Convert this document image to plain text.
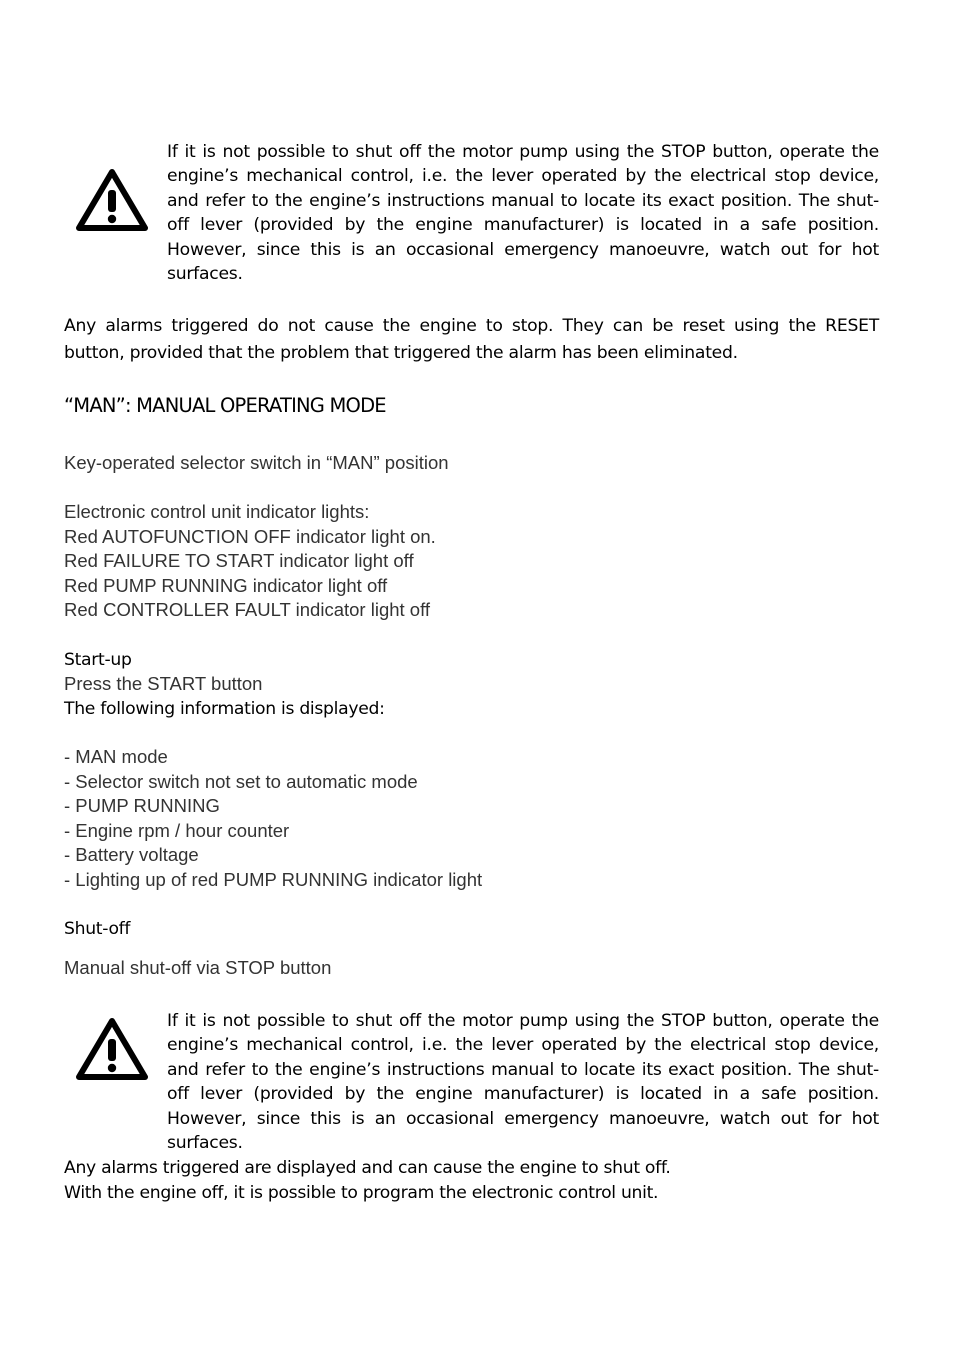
If it is not possible to shut off the motor pump using the STOP button, operate the engine’s mechanical control, i.e. the lever operated by the electrical stop device, and refer to the engine’s instructions manual to locate its exact position. The shut-off lever (provided by the engine manufacturer) is located in a safe position. However, since this is an occasional emergency manoeuvre, watch out for hot surfaces.
Any alarms triggered do not cause the engine to stop. They can be reset using the RESET button, provided that the problem that triggered the alarm has been eliminated.
“MAN”: MANUAL OPERATING MODE
Key-operated selector switch in “MAN” position
Electronic control unit indicator lights:
Red AUTOFUNCTION OFF indicator light on.
Red FAILURE TO START indicator light off
Red PUMP RUNNING indicator light off
Red CONTROLLER FAULT indicator light off
Start-up
Press the START button
The following information is displayed:
- MAN mode
- Selector switch not set to automatic mode
- PUMP RUNNING
- Engine rpm / hour counter
- Battery voltage
- Lighting up of red PUMP RUNNING indicator light
Shut-off
Manual shut-off via STOP button
If it is not possible to shut off the motor pump using the STOP button, operate the engine’s mechanical control, i.e. the lever operated by the electrical stop device, and refer to the engine’s instructions manual to locate its exact position. The shut-off lever (provided by the engine manufacturer) is located in a safe position. However, since this is an occasional emergency manoeuvre, watch out for hot surfaces.
Any alarms triggered are displayed and can cause the engine to shut off.
With the engine off, it is possible to program the electronic control unit.
